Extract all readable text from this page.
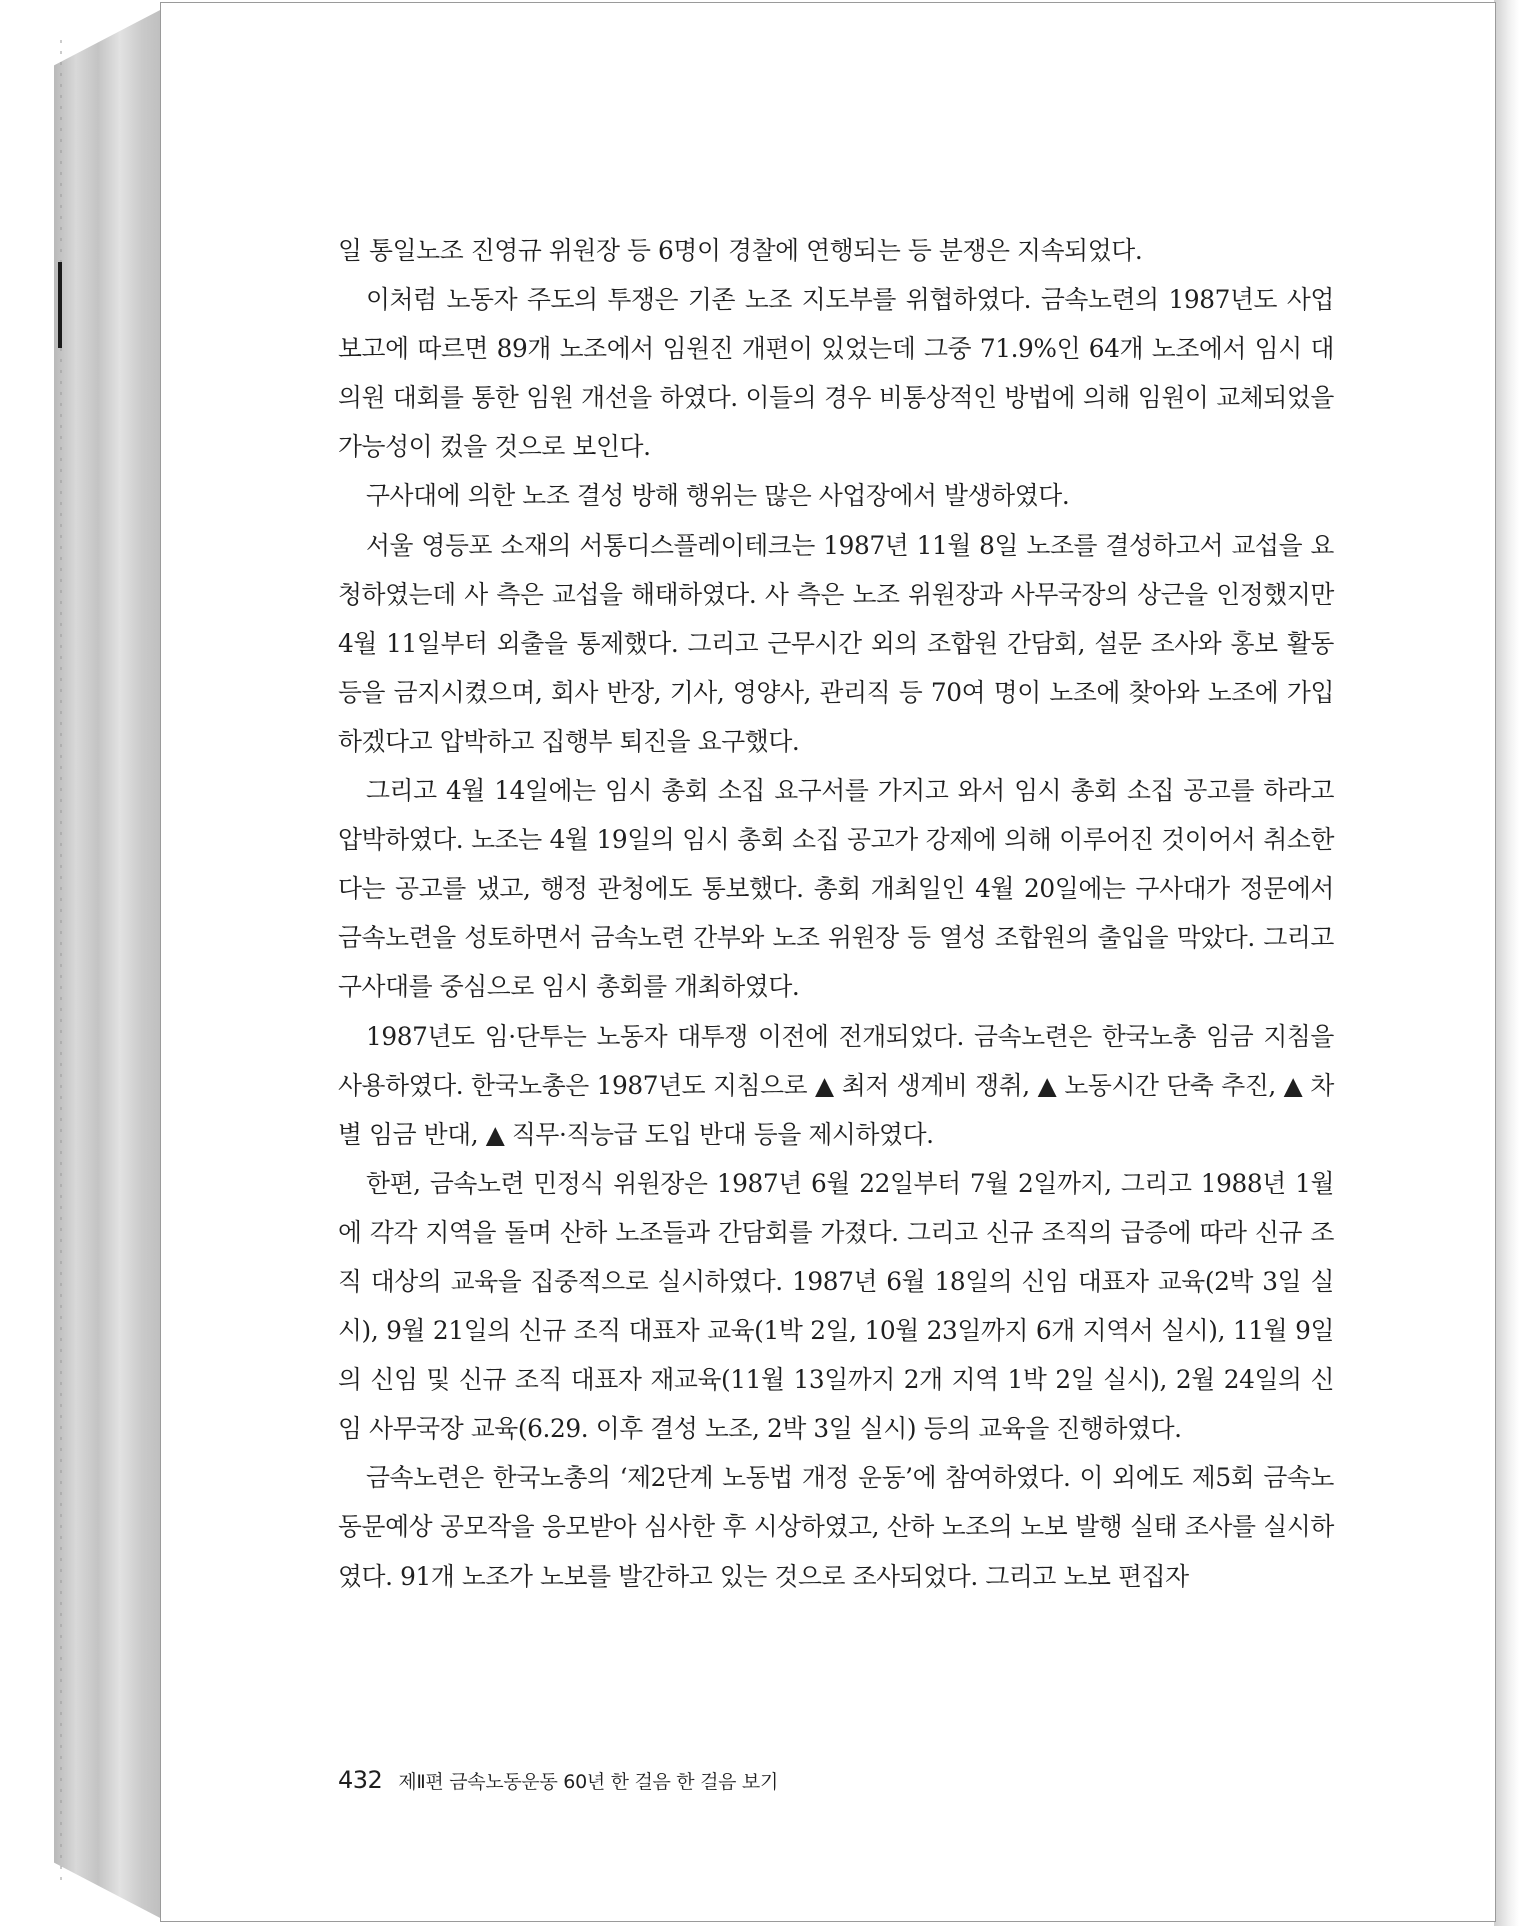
일 통일노조 진영규 위원장 등 6명이 경찰에 연행되는 등 분쟁은 지속되었다.

이처럼 노동자 주도의 투쟁은 기존 노조 지도부를 위협하였다. 금속노련의 1987년도 사업보고에 따르면 89개 노조에서 임원진 개편이 있었는데 그중 71.9%인 64개 노조에서 임시 대의원 대회를 통한 임원 개선을 하였다. 이들의 경우 비통상적인 방법에 의해 임원이 교체되었을 가능성이 컸을 것으로 보인다.

구사대에 의한 노조 결성 방해 행위는 많은 사업장에서 발생하였다.

서울 영등포 소재의 서통디스플레이테크는 1987년 11월 8일 노조를 결성하고서 교섭을 요청하였는데 사 측은 교섭을 해태하였다. 사 측은 노조 위원장과 사무국장의 상근을 인정했지만 4월 11일부터 외출을 통제했다. 그리고 근무시간 외의 조합원 간담회, 설문 조사와 홍보 활동 등을 금지시켰으며, 회사 반장, 기사, 영양사, 관리직 등 70여 명이 노조에 찾아와 노조에 가입하겠다고 압박하고 집행부 퇴진을 요구했다.

그리고 4월 14일에는 임시 총회 소집 요구서를 가지고 와서 임시 총회 소집 공고를 하라고 압박하였다. 노조는 4월 19일의 임시 총회 소집 공고가 강제에 의해 이루어진 것이어서 취소한다는 공고를 냈고, 행정 관청에도 통보했다. 총회 개최일인 4월 20일에는 구사대가 정문에서 금속노련을 성토하면서 금속노련 간부와 노조 위원장 등 열성 조합원의 출입을 막았다. 그리고 구사대를 중심으로 임시 총회를 개최하였다.

1987년도 임·단투는 노동자 대투쟁 이전에 전개되었다. 금속노련은 한국노총 임금 지침을 사용하였다. 한국노총은 1987년도 지침으로 ▲ 최저 생계비 쟁취, ▲ 노동시간 단축 추진, ▲ 차별 임금 반대, ▲ 직무·직능급 도입 반대 등을 제시하였다.

한편, 금속노련 민정식 위원장은 1987년 6월 22일부터 7월 2일까지, 그리고 1988년 1월에 각각 지역을 돌며 산하 노조들과 간담회를 가졌다. 그리고 신규 조직의 급증에 따라 신규 조직 대상의 교육을 집중적으로 실시하였다. 1987년 6월 18일의 신임 대표자 교육(2박 3일 실시), 9월 21일의 신규 조직 대표자 교육(1박 2일, 10월 23일까지 6개 지역서 실시), 11월 9일의 신임 및 신규 조직 대표자 재교육(11월 13일까지 2개 지역 1박 2일 실시), 2월 24일의 신임 사무국장 교육(6.29. 이후 결성 노조, 2박 3일 실시) 등의 교육을 진행하였다.

금속노련은 한국노총의 ‘제2단계 노동법 개정 운동’에 참여하였다. 이 외에도 제5회 금속노동문예상 공모작을 응모받아 심사한 후 시상하였고, 산하 노조의 노보 발행 실태 조사를 실시하였다. 91개 노조가 노보를 발간하고 있는 것으로 조사되었다. 그리고 노보 편집자

432 제Ⅱ편 금속노동운동 60년 한 걸음 한 걸음 보기
